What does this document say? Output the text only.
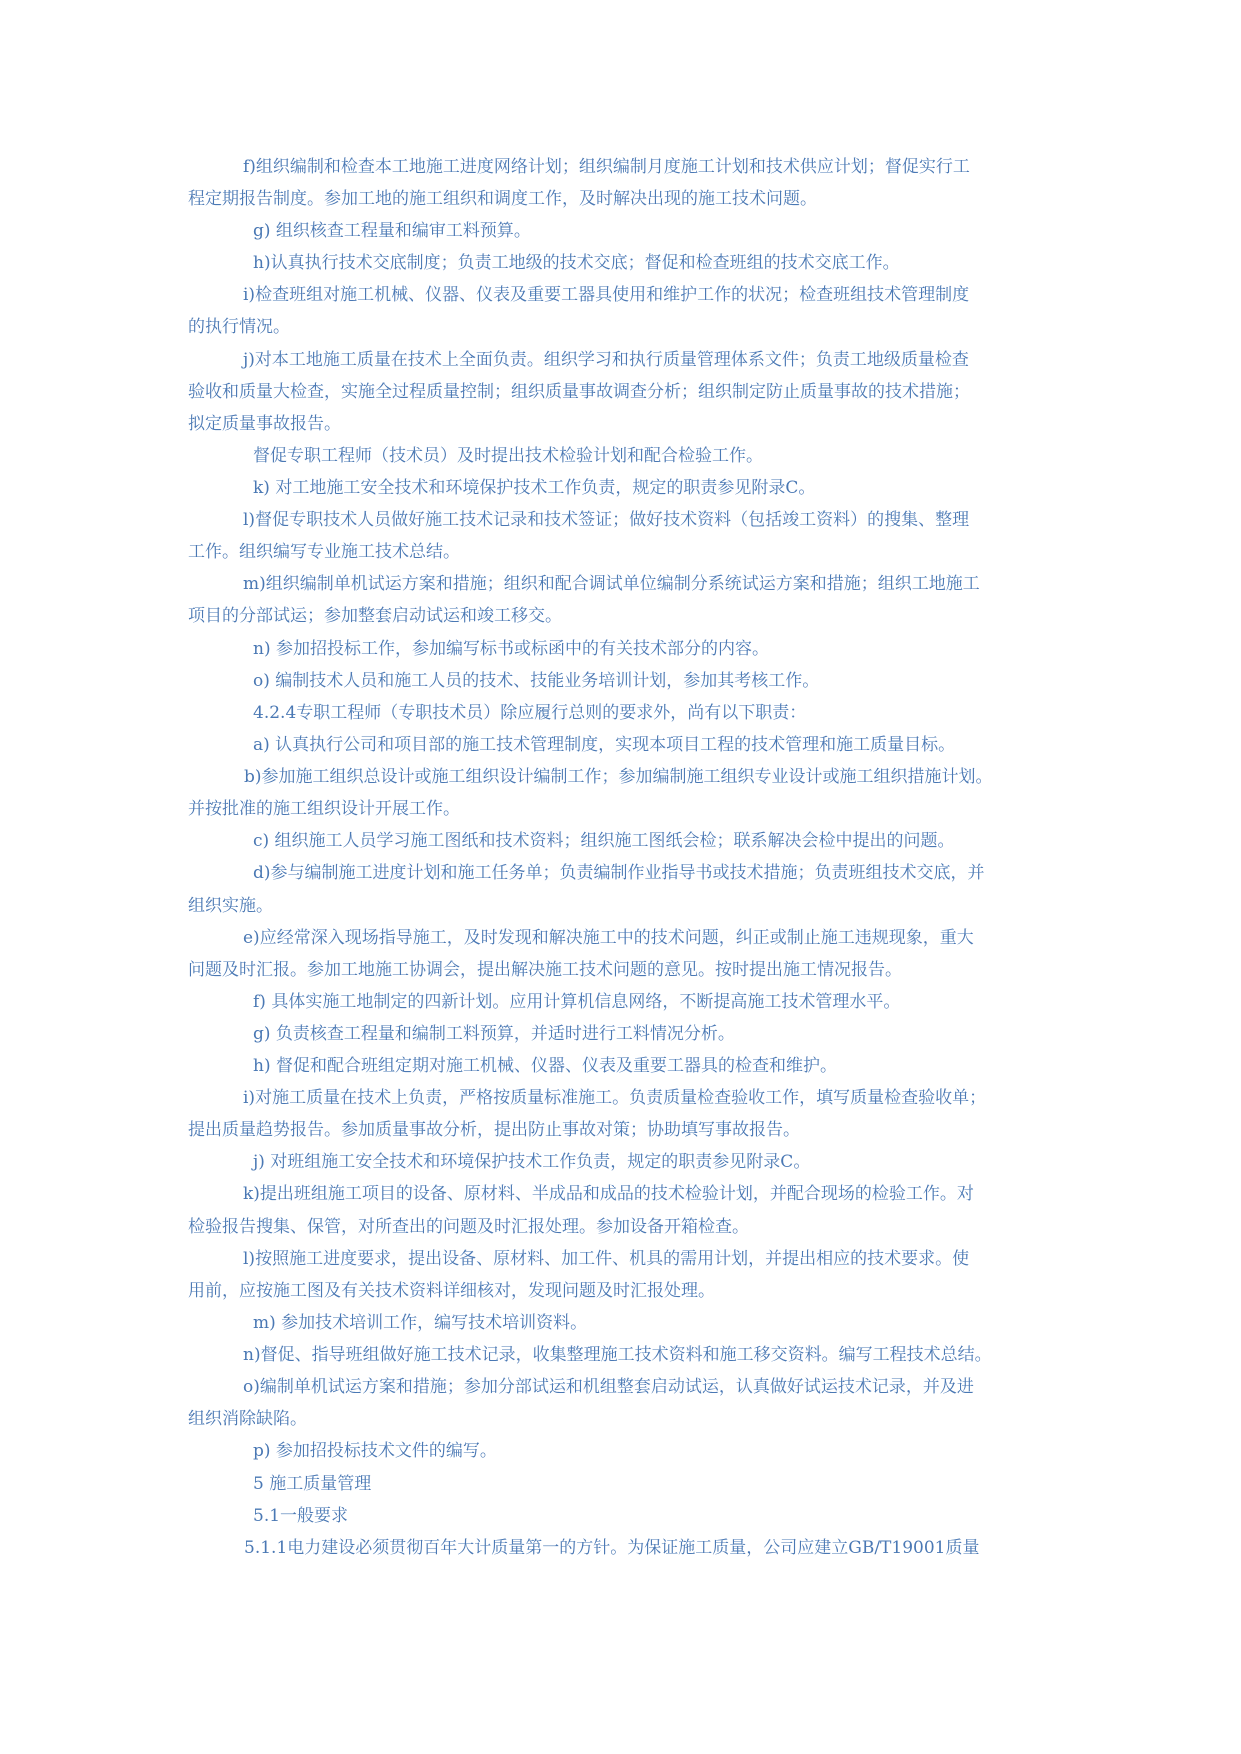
f)组织编制和检查本工地施工进度网络计划；组织编制月度施工计划和技术供应计划；督促实行工

程定期报告制度。参加工地的施工组织和调度工作，及时解决出现的施工技术问题。

g) 组织核查工程量和编审工料预算。

h)认真执行技术交底制度；负责工地级的技术交底；督促和检查班组的技术交底工作。

i)检查班组对施工机械、仪器、仪表及重要工器具使用和维护工作的状况；检查班组技术管理制度

的执行情况。

j)对本工地施工质量在技术上全面负责。组织学习和执行质量管理体系文件；负责工地级质量检查

验收和质量大检查，实施全过程质量控制；组织质量事故调查分析；组织制定防止质量事故的技术措施；

拟定质量事故报告。

督促专职工程师（技术员）及时提出技术检验计划和配合检验工作。

k) 对工地施工安全技术和环境保护技术工作负责，规定的职责参见附录C。

l)督促专职技术人员做好施工技术记录和技术签证；做好技术资料（包括竣工资料）的搜集、整理

工作。组织编写专业施工技术总结。

m)组织编制单机试运方案和措施；组织和配合调试单位编制分系统试运方案和措施；组织工地施工

项目的分部试运；参加整套启动试运和竣工移交。

n) 参加招投标工作，参加编写标书或标函中的有关技术部分的内容。

o) 编制技术人员和施工人员的技术、技能业务培训计划，参加其考核工作。

4.2.4专职工程师（专职技术员）除应履行总则的要求外，尚有以下职责：

a) 认真执行公司和项目部的施工技术管理制度，实现本项目工程的技术管理和施工质量目标。

b)参加施工组织总设计或施工组织设计编制工作；参加编制施工组织专业设计或施工组织措施计划。

并按批准的施工组织设计开展工作。

c) 组织施工人员学习施工图纸和技术资料；组织施工图纸会检；联系解决会检中提出的问题。

d)参与编制施工进度计划和施工任务单；负责编制作业指导书或技术措施；负责班组技术交底，并

组织实施。

e)应经常深入现场指导施工，及时发现和解决施工中的技术问题，纠正或制止施工违规现象，重大

问题及时汇报。参加工地施工协调会，提出解决施工技术问题的意见。按时提出施工情况报告。

f) 具体实施工地制定的四新计划。应用计算机信息网络，不断提高施工技术管理水平。

g) 负责核查工程量和编制工料预算，并适时进行工料情况分析。

h) 督促和配合班组定期对施工机械、仪器、仪表及重要工器具的检查和维护。

i)对施工质量在技术上负责，严格按质量标准施工。负责质量检查验收工作，填写质量检查验收单；

提出质量趋势报告。参加质量事故分析，提出防止事故对策；协助填写事故报告。

j) 对班组施工安全技术和环境保护技术工作负责，规定的职责参见附录C。

k)提出班组施工项目的设备、原材料、半成品和成品的技术检验计划，并配合现场的检验工作。对

检验报告搜集、保管，对所查出的问题及时汇报处理。参加设备开箱检查。

l)按照施工进度要求，提出设备、原材料、加工件、机具的需用计划，并提出相应的技术要求。使

用前，应按施工图及有关技术资料详细核对，发现问题及时汇报处理。

m) 参加技术培训工作，编写技术培训资料。

n)督促、指导班组做好施工技术记录，收集整理施工技术资料和施工移交资料。编写工程技术总结。

o)编制单机试运方案和措施；参加分部试运和机组整套启动试运，认真做好试运技术记录，并及进

组织消除缺陷。

p) 参加招投标技术文件的编写。

5 施工质量管理

5.1一般要求

5.1.1电力建设必须贯彻百年大计质量第一的方针。为保证施工质量，公司应建立GB/T19001质量
